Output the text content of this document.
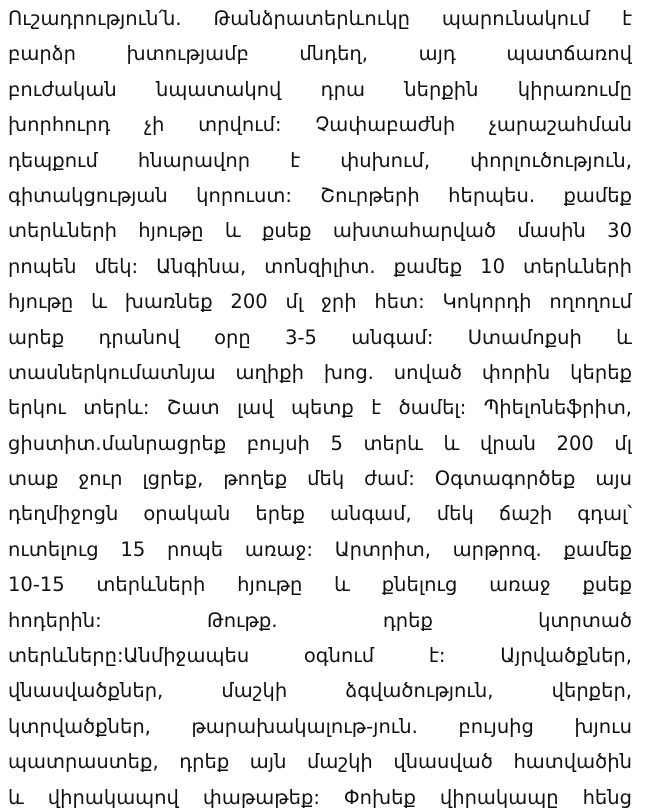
Ուշադրություն՛ն. Թանձրատերևուկը պարունակում է
բարձր խտությամբ մնդեղ, այդ պատճառով
բուժական նպատակով դրա ներքին կիրառումը
խորհուրդ չի տրվում: Չափաբաժնի չարաշահման
դեպքում հնարավոր է փսխում, փորլուծություն,
գիտակցության կորուստ: Շուրթերի հերպես. քամեք
տերևների հյութը և քսեք ախտահարված մասին 30
րոպեն մեկ: Անգինա, տոնզիլիտ. քամեք 10 տերևների
հյութը և խառնեք 200 մլ ջրի հետ: Կոկորդի ողողում
արեք դրանով օրը 3-5 անգամ: Ստամոքսի և
տասներկումատնյա աղիքի խոց. սոված փորին կերեք
երկու տերև: Շատ լավ պետք է ծամել: Պիելոնեֆրիտ,
ցիստիտ.մանրացրեք բույսի 5 տերև և վրան 200 մլ
տաք ջուր լցրեք, թողեք մեկ ժամ: Օգտագործեք այս
դեղմիջոցն օրական երեք անգամ, մեկ ճաշի գդալ՝
ուտելուց 15 րոպե առաջ: Արտրիտ, արթրոզ. քամեք
10-15 տերևների հյութը և քնելուց առաջ քսեք
հոդերին: Թութք. դրեք կտրտած
տերևները:Անմիջապես օգնում է: Այրվածքներ,
վնասվածքներ, մաշկի ձգվածություն, վերքեր,
կտրվածքներ, թարախակալութ-յուն. բույսից խյուս
պատրաստեք, դրեք այն մաշկի վնասված հատվածին
և վիրակապով փաթաթեք: Փոխեք վիրակապը հենց
